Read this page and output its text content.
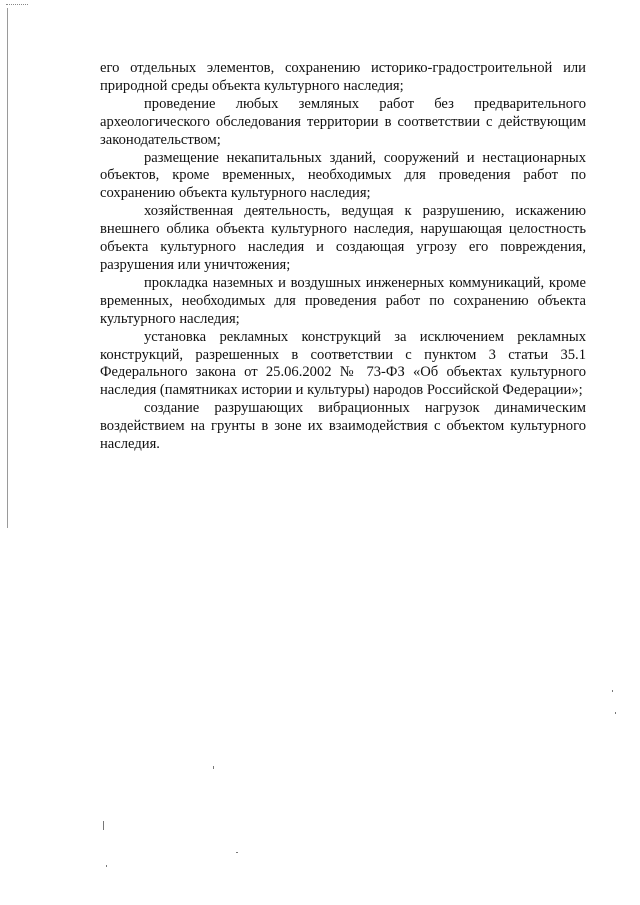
его отдельных элементов, сохранению историко-градостроительной или природной среды объекта культурного наследия;

проведение любых земляных работ без предварительного археологического обследования территории в соответствии с действующим законодательством;

размещение некапитальных зданий, сооружений и нестационарных объектов, кроме временных, необходимых для проведения работ по сохранению объекта культурного наследия;

хозяйственная деятельность, ведущая к разрушению, искажению внешнего облика объекта культурного наследия, нарушающая целостность объекта культурного наследия и создающая угрозу его повреждения, разрушения или уничтожения;

прокладка наземных и воздушных инженерных коммуникаций, кроме временных, необходимых для проведения работ по сохранению объекта культурного наследия;

установка рекламных конструкций за исключением рекламных конструкций, разрешенных в соответствии с пунктом 3 статьи 35.1 Федерального закона от 25.06.2002 № 73-ФЗ «Об объектах культурного наследия (памятниках истории и культуры) народов Российской Федерации»;

создание разрушающих вибрационных нагрузок динамическим воздействием на грунты в зоне их взаимодействия с объектом культурного наследия.
